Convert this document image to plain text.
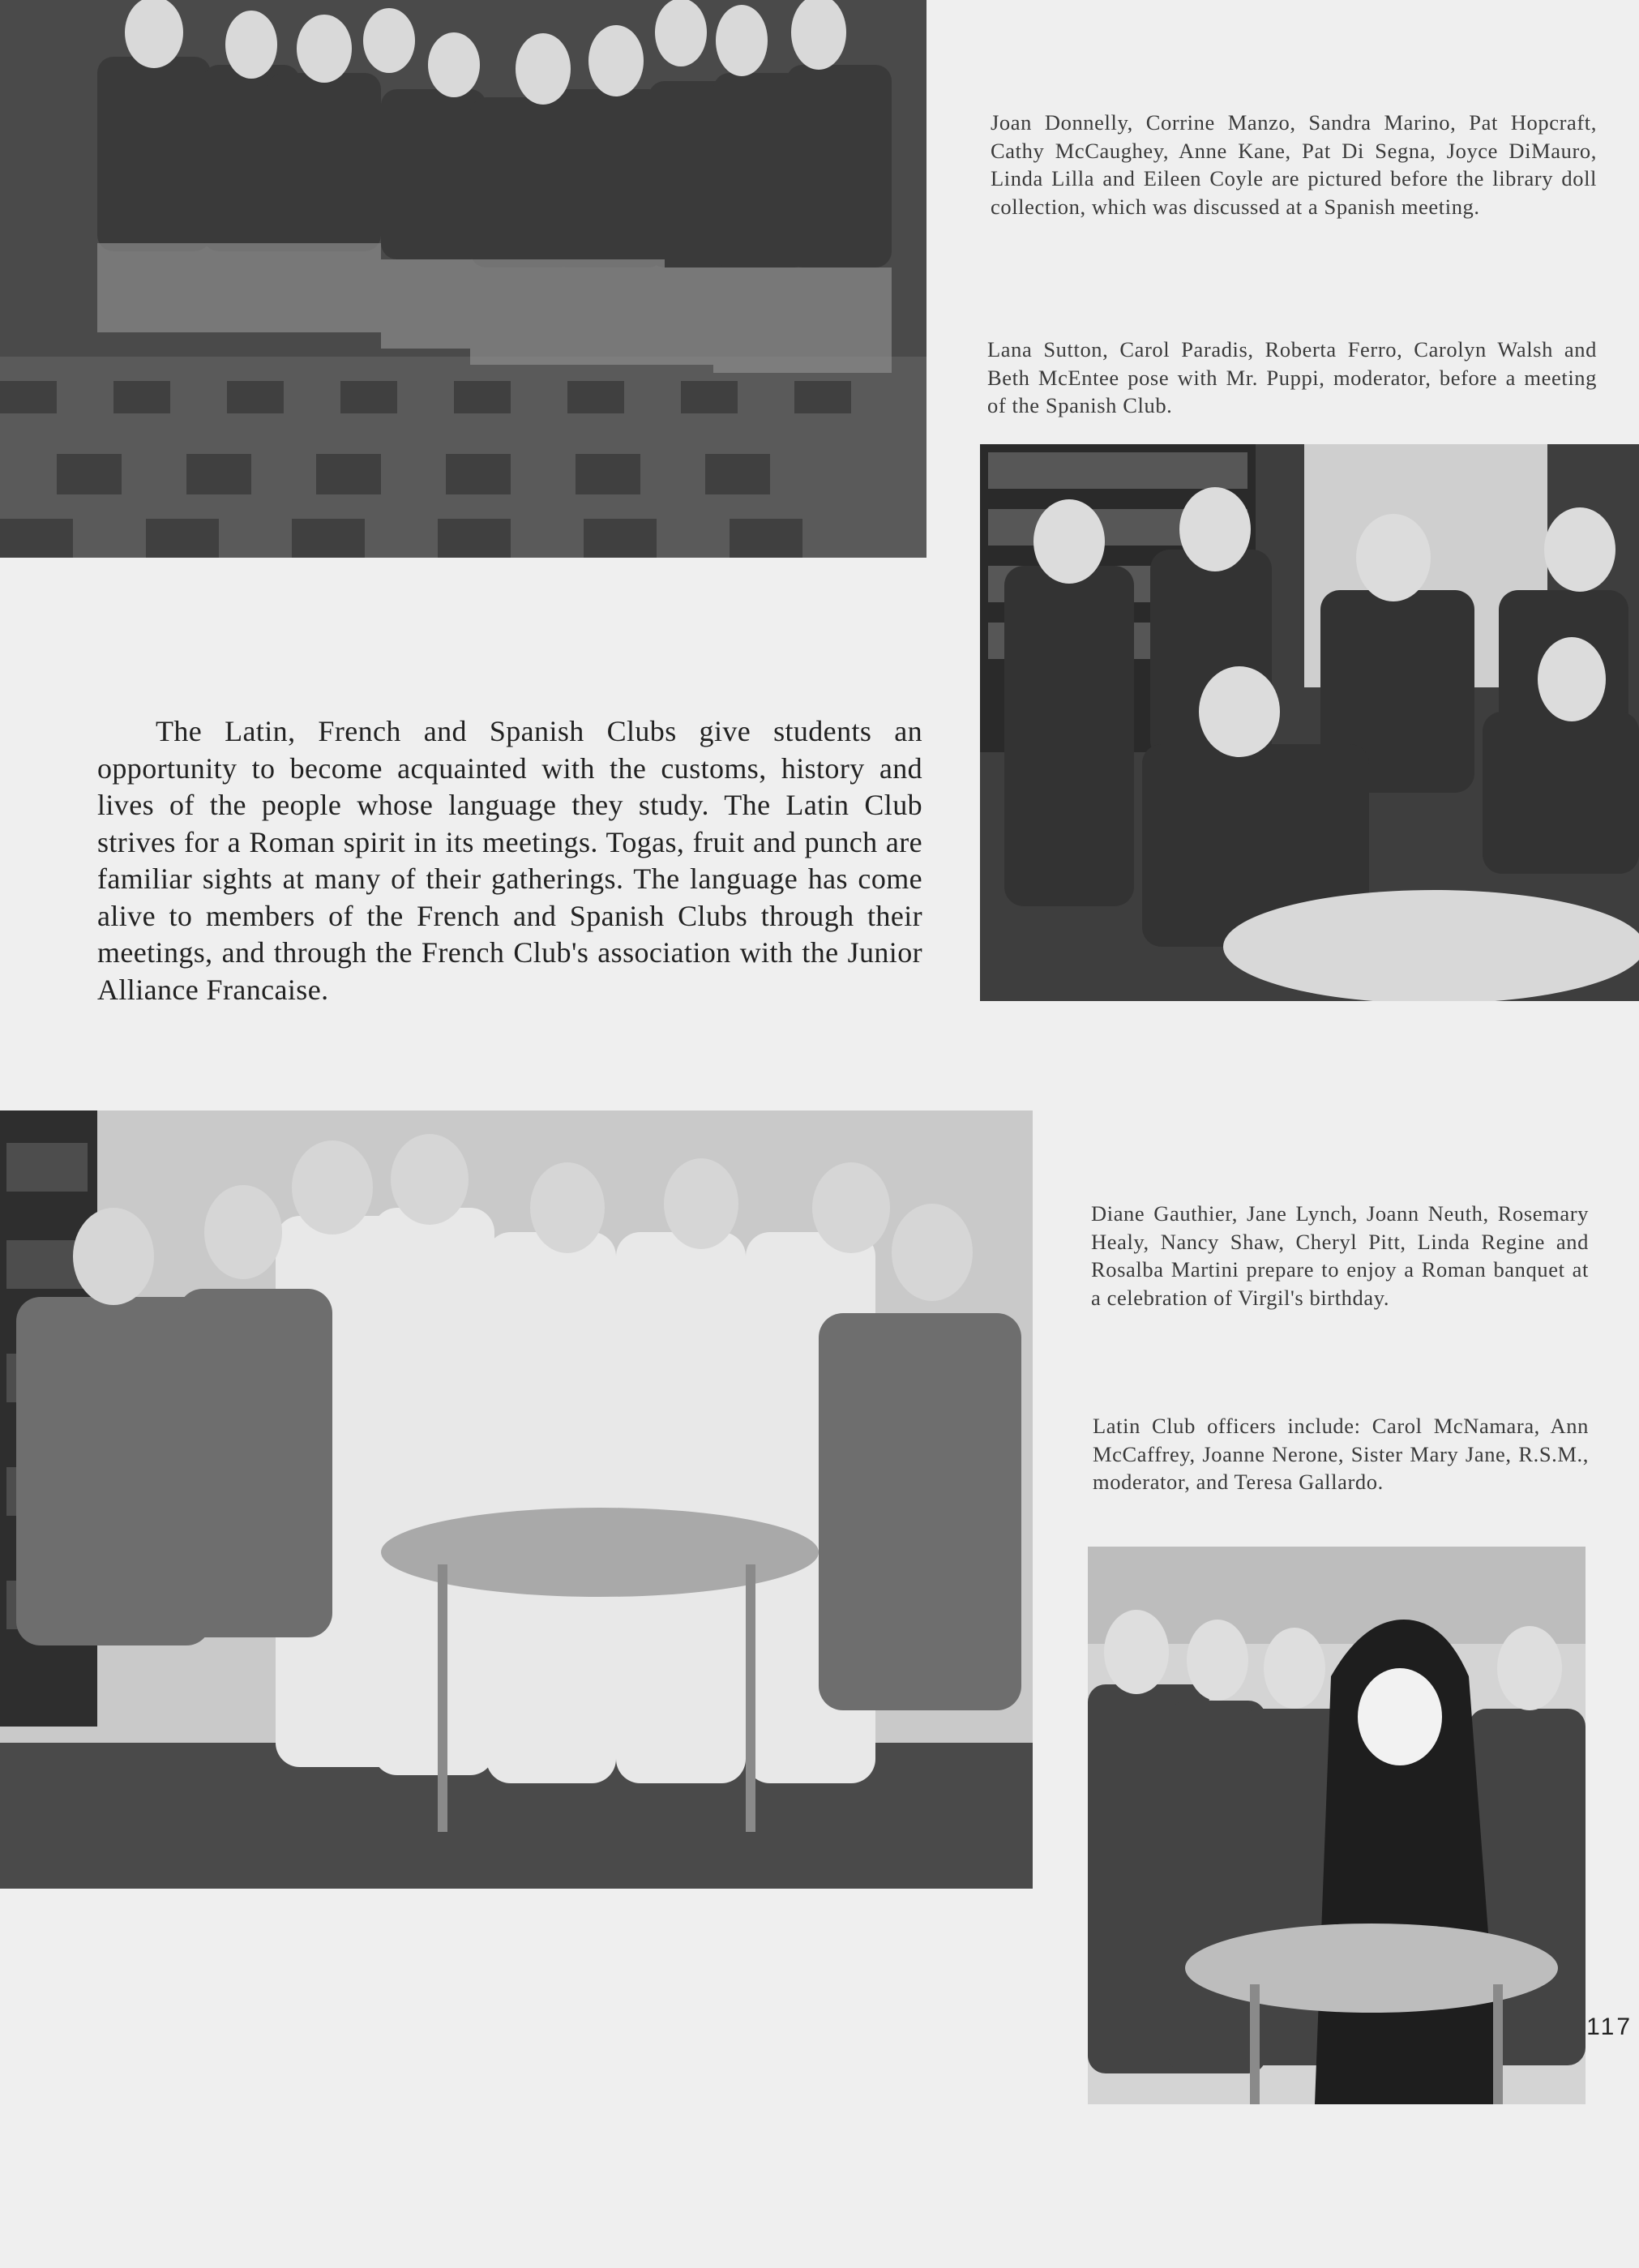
Joan Donnelly, Corrine Manzo, Sandra Marino, Pat Hopcraft, Cathy McCaughey, Anne Kane, Pat Di Segna, Joyce DiMauro, Linda Lilla and Eileen Coyle are pictured before the library doll collection, which was discussed at a Spanish meeting.

Lana Sutton, Carol Paradis, Roberta Ferro, Carolyn Walsh and Beth McEntee pose with Mr. Puppi, moderator, before a meeting of the Spanish Club.

The Latin, French and Spanish Clubs give students an opportunity to become acquainted with the customs, history and lives of the people whose language they study. The Latin Club strives for a Roman spirit in its meetings. Togas, fruit and punch are familiar sights at many of their gatherings. The language has come alive to members of the French and Spanish Clubs through their meetings, and through the French Club's association with the Junior Alliance Francaise.

Diane Gauthier, Jane Lynch, Joann Neuth, Rosemary Healy, Nancy Shaw, Cheryl Pitt, Linda Regine and Rosalba Martini prepare to enjoy a Roman banquet at a celebration of Virgil's birthday.

Latin Club officers include: Carol McNamara, Ann McCaffrey, Joanne Nerone, Sister Mary Jane, R.S.M., moderator, and Teresa Gallardo.

117
